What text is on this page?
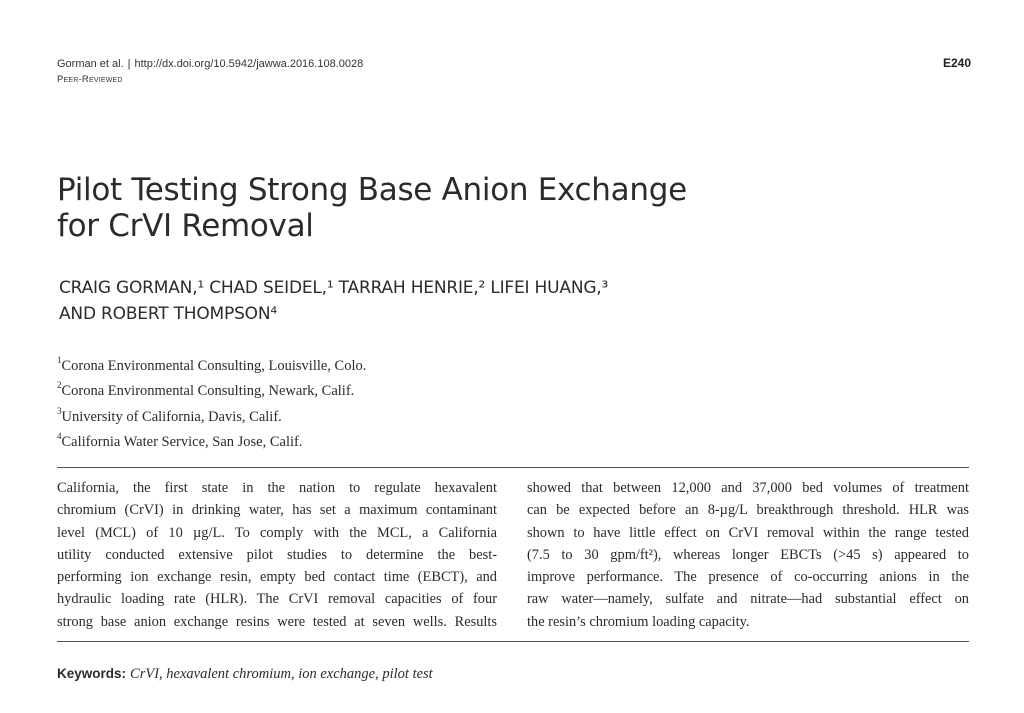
Gorman et al. | http://dx.doi.org/10.5942/jawwa.2016.108.0028
Peer-Reviewed
E240
Pilot Testing Strong Base Anion Exchange
for CrVI Removal
CRAIG GORMAN,¹ CHAD SEIDEL,¹ TARRAH HENRIE,² LIFEI HUANG,³
AND ROBERT THOMPSON⁴
$^1$Corona Environmental Consulting, Louisville, Colo.
$^2$Corona Environmental Consulting, Newark, Calif.
$^3$University of California, Davis, Calif.
$^4$California Water Service, San Jose, Calif.
California, the first state in the nation to regulate hexavalent
chromium (CrVI) in drinking water, has set a maximum contaminant
level (MCL) of 10 µg/L. To comply with the MCL, a California
utility conducted extensive pilot studies to determine the best-
performing ion exchange resin, empty bed contact time (EBCT), and
hydraulic loading rate (HLR). The CrVI removal capacities of four
strong base anion exchange resins were tested at seven wells. Results
showed that between 12,000 and 37,000 bed volumes of treatment
can be expected before an 8-µg/L breakthrough threshold. HLR was
shown to have little effect on CrVI removal within the range tested
(7.5 to 30 gpm/ft²), whereas longer EBCTs (>45 s) appeared to
improve performance. The presence of co-occurring anions in the
raw water—namely, sulfate and nitrate—had substantial effect on
the resin’s chromium loading capacity.
Keywords: CrVI, hexavalent chromium, ion exchange, pilot test
